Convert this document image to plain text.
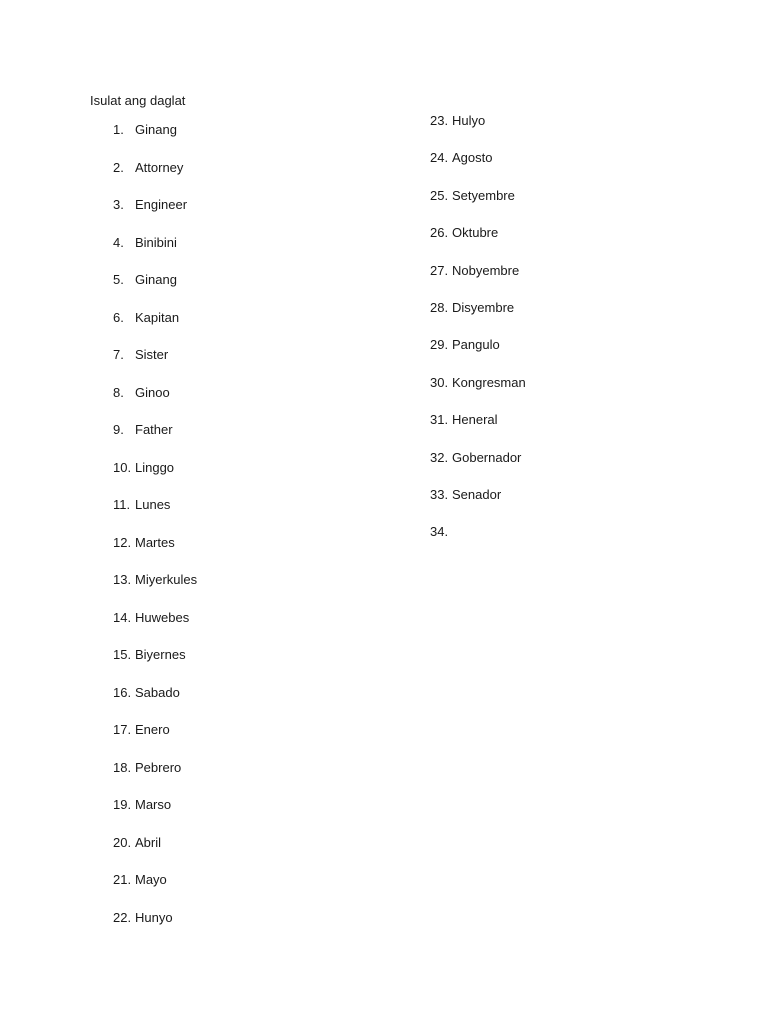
Isulat ang daglat
1. Ginang
2. Attorney
3. Engineer
4. Binibini
5. Ginang
6. Kapitan
7. Sister
8. Ginoo
9. Father
10. Linggo
11. Lunes
12. Martes
13. Miyerkules
14. Huwebes
15. Biyernes
16. Sabado
17. Enero
18. Pebrero
19. Marso
20. Abril
21. Mayo
22. Hunyo
23. Hulyo
24. Agosto
25. Setyembre
26. Oktubre
27. Nobyembre
28. Disyembre
29. Pangulo
30. Kongresman
31. Heneral
32. Gobernador
33. Senador
34.
